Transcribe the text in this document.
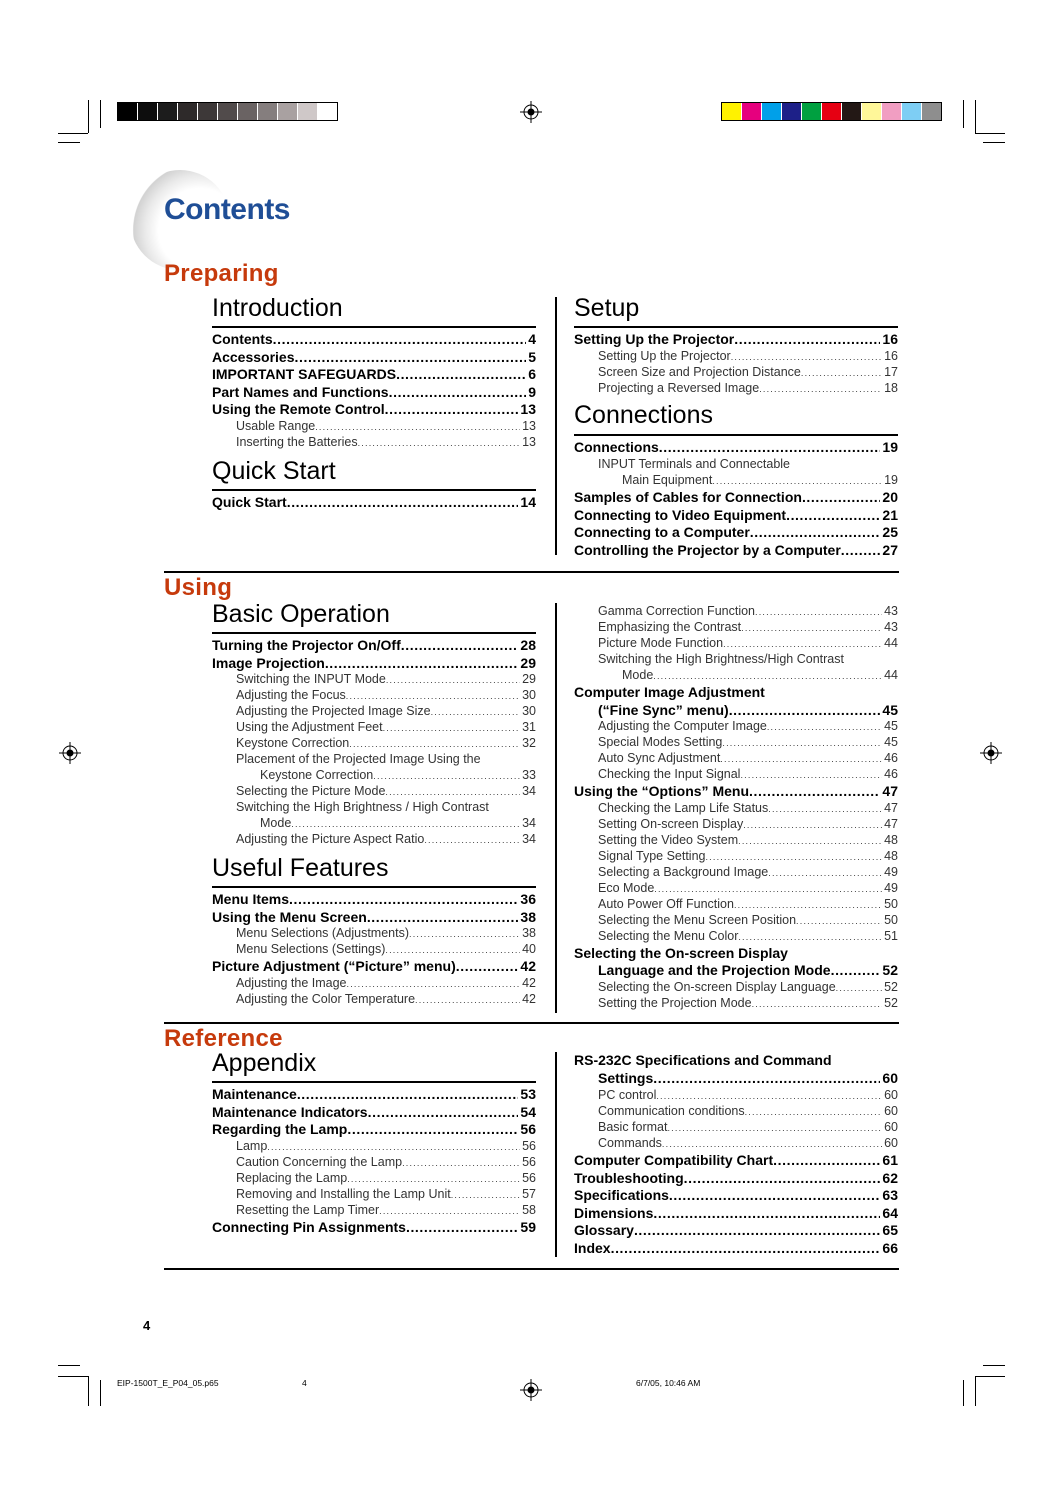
Contents
Preparing
Introduction
Contents .....	4
Accessories .....	5
IMPORTANT SAFEGUARDS .....	6
Part Names and Functions .....	9
Using the Remote Control .....	13
Usable Range .....	13
Inserting the Batteries .....	13
Quick Start
Quick Start .....	14
Setup
Setting Up the Projector .....	16
Setting Up the Projector .....	16
Screen Size and Projection Distance .....	17
Projecting a Reversed Image .....	18
Connections
Connections .....	19
INPUT Terminals and Connectable
Main Equipment .....	19
Samples of Cables for Connection .....	20
Connecting to Video Equipment .....	21
Connecting to a Computer .....	25
Controlling the Projector by a Computer .....	27
Using
Basic Operation
Turning the Projector On/Off .....	28
Image Projection .....	29
Switching the INPUT Mode .....	29
Adjusting the Focus .....	30
Adjusting the Projected Image Size .....	30
Using the Adjustment Feet .....	31
Keystone Correction .....	32
Placement of the Projected Image Using the
Keystone Correction .....	33
Selecting the Picture Mode .....	34
Switching the High Brightness / High Contrast
Mode .....	34
Adjusting the Picture Aspect Ratio .....	34
Useful Features
Menu Items .....	36
Using the Menu Screen .....	38
Menu Selections (Adjustments) .....	38
Menu Selections (Settings) .....	40
Picture Adjustment (“Picture” menu) .....	42
Adjusting the Image .....	42
Adjusting the Color Temperature .....	42
Gamma Correction Function .....	43
Emphasizing the Contrast .....	43
Picture Mode Function .....	44
Switching the High Brightness/High Contrast
Mode .....	44
Computer Image Adjustment
(“Fine Sync” menu) .....	45
Adjusting the Computer Image .....	45
Special Modes Setting .....	45
Auto Sync Adjustment .....	46
Checking the Input Signal .....	46
Using the “Options” Menu .....	47
Checking the Lamp Life Status .....	47
Setting On-screen Display .....	47
Setting the Video System .....	48
Signal Type Setting .....	48
Selecting a Background Image .....	49
Eco Mode .....	49
Auto Power Off Function .....	50
Selecting the Menu Screen Position .....	50
Selecting the Menu Color .....	51
Selecting the On-screen Display
Language and the Projection Mode .....	52
Selecting the On-screen Display Language .....	52
Setting the Projection Mode .....	52
Reference
Appendix
Maintenance .....	53
Maintenance Indicators .....	54
Regarding the Lamp .....	56
Lamp .....	56
Caution Concerning the Lamp .....	56
Replacing the Lamp .....	56
Removing and Installing the Lamp Unit .....	57
Resetting the Lamp Timer .....	58
Connecting Pin Assignments .....	59
RS-232C Specifications and Command
Settings .....	60
PC control .....	60
Communication conditions .....	60
Basic format .....	60
Commands .....	60
Computer Compatibility Chart .....	61
Troubleshooting .....	62
Specifications .....	63
Dimensions .....	64
Glossary .....	65
Index .....	66
4
EIP-1500T_E_P04_05.p65	4	6/7/05, 10:46 AM
